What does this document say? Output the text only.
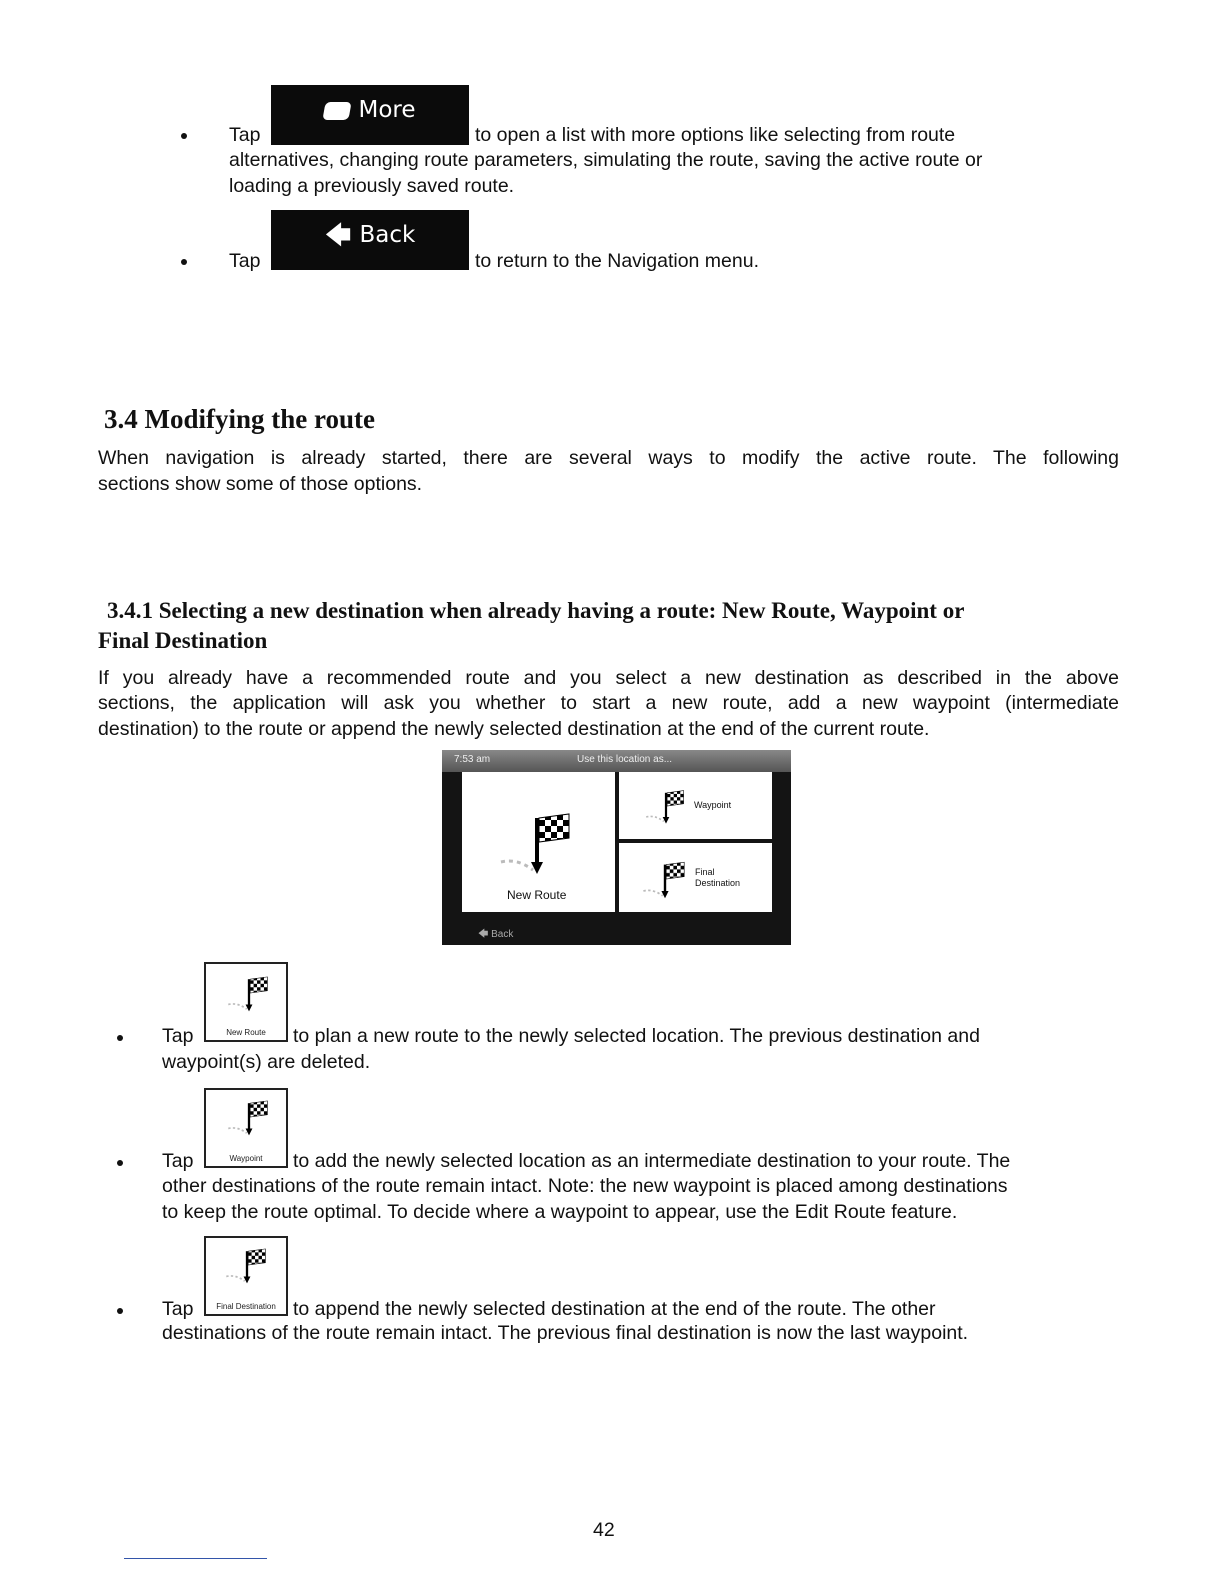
Tap
More
to open a list with more options like selecting from route
alternatives, changing route parameters, simulating the route, saving the active route or
loading a previously saved route.
Tap
🡄 Back
to return to the Navigation menu.
3.4 Modifying the route
When navigation is already started, there are several ways to modify the active route. The following
sections show some of those options.
3.4.1 Selecting a new destination when already having a route: New Route, Waypoint or
Final Destination
If you already have a recommended route and you select a new destination as described in the above
sections, the application will ask you whether to start a new route, add a new waypoint (intermediate
destination) to the route or append the newly selected destination at the end of the current route.
7:53 am	Use this location as...
New Route
Waypoint
Final
Destination
🡄 Back
Tap	New Route	to plan a new route to the newly selected location. The previous destination and
waypoint(s) are deleted.
Tap	Waypoint	to add the newly selected location as an intermediate destination to your route. The
other destinations of the route remain intact. Note: the new waypoint is placed among destinations
to keep the route optimal. To decide where a waypoint to appear, use the Edit Route feature.
Tap	Final Destination to append the newly selected destination at the end of the route. The other
destinations of the route remain intact. The previous final destination is now the last waypoint.
42
